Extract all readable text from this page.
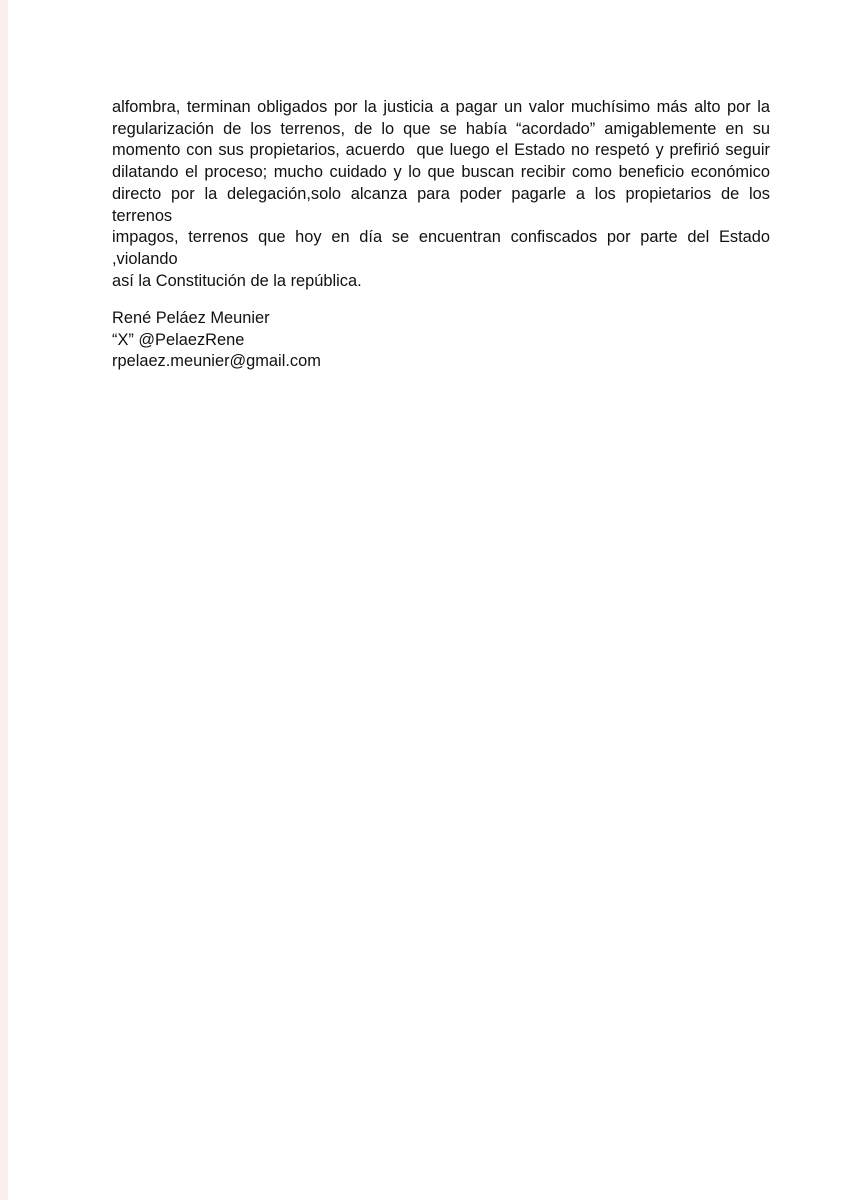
alfombra, terminan obligados por la justicia a pagar un valor muchísimo más alto por la
regularización de los terrenos, de lo que se había “acordado” amigablemente en su
momento con sus propietarios, acuerdo  que luego el Estado no respetó y prefirió seguir
dilatando el proceso; mucho cuidado y lo que buscan recibir como beneficio económico
directo por la delegación,solo alcanza para poder pagarle a los propietarios de los terrenos
impagos, terrenos que hoy en día se encuentran confiscados por parte del Estado ,violando
así la Constitución de la república.

René Peláez Meunier
“X” @PelaezRene
rpelaez.meunier@gmail.com
